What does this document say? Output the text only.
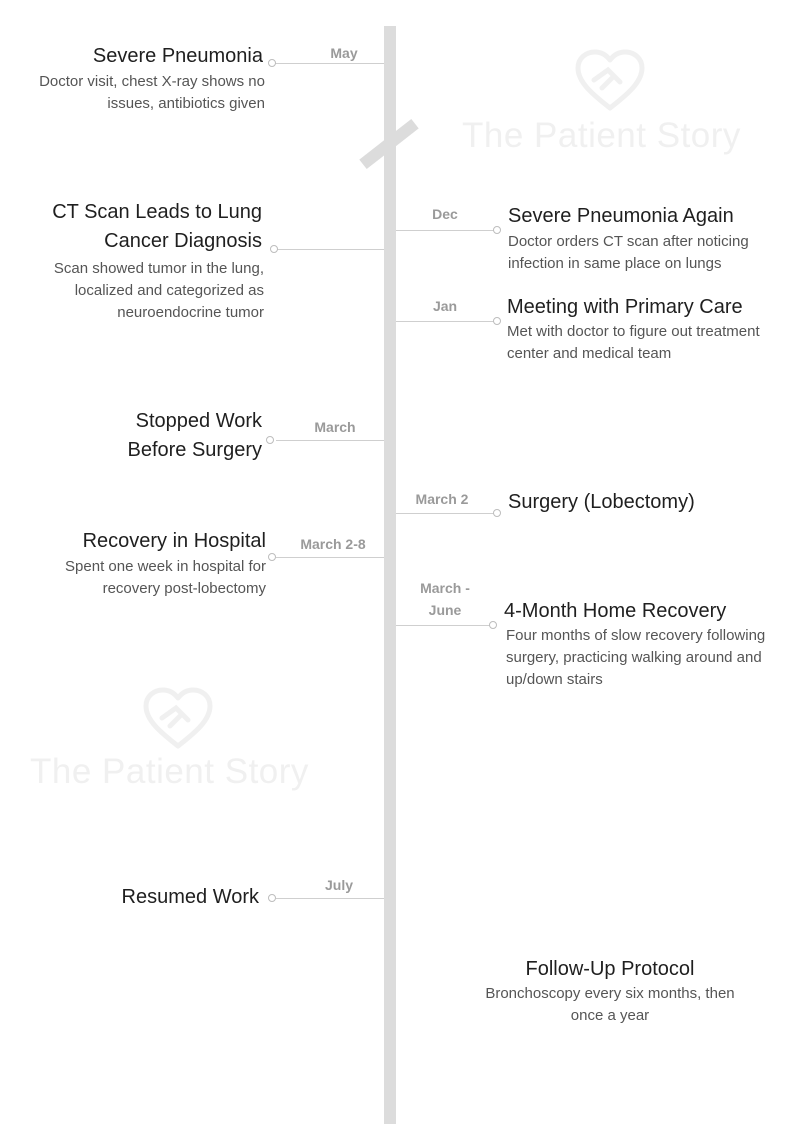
The Patient Story
The Patient Story
May
Severe Pneumonia
Doctor visit, chest X-ray shows no issues, antibiotics given
CT Scan Leads to Lung Cancer Diagnosis
Scan showed tumor in the lung, localized and categorized as neuroendocrine tumor
Dec	Severe Pneumonia Again
Doctor orders CT scan after noticing infection in same place on lungs
Jan	Meeting with Primary Care
Met with doctor to figure out treatment center and medical team
March
Stopped Work Before Surgery
March 2	Surgery (Lobectomy)
March 2-8
Recovery in Hospital
Spent one week in hospital for recovery post-lobectomy	March - June	4-Month Home Recovery
Four months of slow recovery following surgery, practicing walking around and up/down stairs
July
Resumed Work
Follow-Up Protocol
Bronchoscopy every six months, then once a year
